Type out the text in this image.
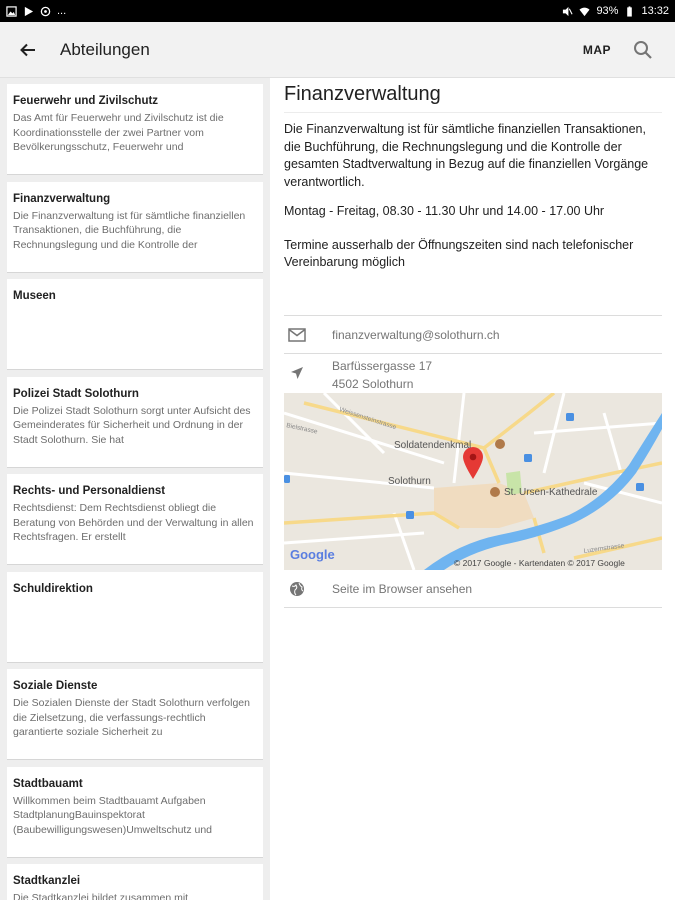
...	93% 13:32
Abteilungen	MAP
Feuerwehr und Zivilschutz
Das Amt für Feuerwehr und Zivilschutz ist die Koordinationsstelle der zwei Partner vom Bevölkerungsschutz, Feuerwehr und
Finanzverwaltung
Die Finanzverwaltung ist für sämtliche finanziellen Transaktionen, die Buchführung, die Rechnungslegung und die Kontrolle der
Museen
Polizei Stadt Solothurn
Die Polizei Stadt Solothurn sorgt unter Aufsicht des Gemeinderates für Sicherheit und Ordnung in der Stadt Solothurn. Sie hat
Rechts- und Personaldienst
Rechtsdienst: Dem Rechtsdienst obliegt die Beratung von Behörden und der Verwaltung in allen Rechtsfragen. Er erstellt
Schuldirektion
Soziale Dienste
Die Sozialen Dienste der Stadt Solothurn verfolgen die Zielsetzung, die verfassungs-rechtlich garantierte soziale Sicherheit zu
Stadtbauamt
Willkommen beim Stadtbauamt Aufgaben StadtplanungBauinspektorat (Baubewilligungswesen)Umweltschutz und
Stadtkanzlei
Die Stadtkanzlei bildet zusammen mit
Finanzverwaltung
Die Finanzverwaltung ist für sämtliche finanziellen Transaktionen, die Buchführung, die Rechnungslegung und die Kontrolle der gesamten Stadtverwaltung in Bezug auf die finanziellen Vorgänge verantwortlich.
Montag - Freitag, 08.30 - 11.30 Uhr und 14.00 - 17.00 Uhr
Termine ausserhalb der Öffnungszeiten sind nach telefonischer Vereinbarung möglich
finanzverwaltung@solothurn.ch
Barfüssergasse 17
4502 Solothurn
Soldatendenkmal
Solothurn
St. Ursen-Kathedrale
Weissensteinstrasse
Bielstrasse
Luzernstrasse
Google
© 2017 Google - Kartendaten © 2017 Google
Seite im Browser ansehen
